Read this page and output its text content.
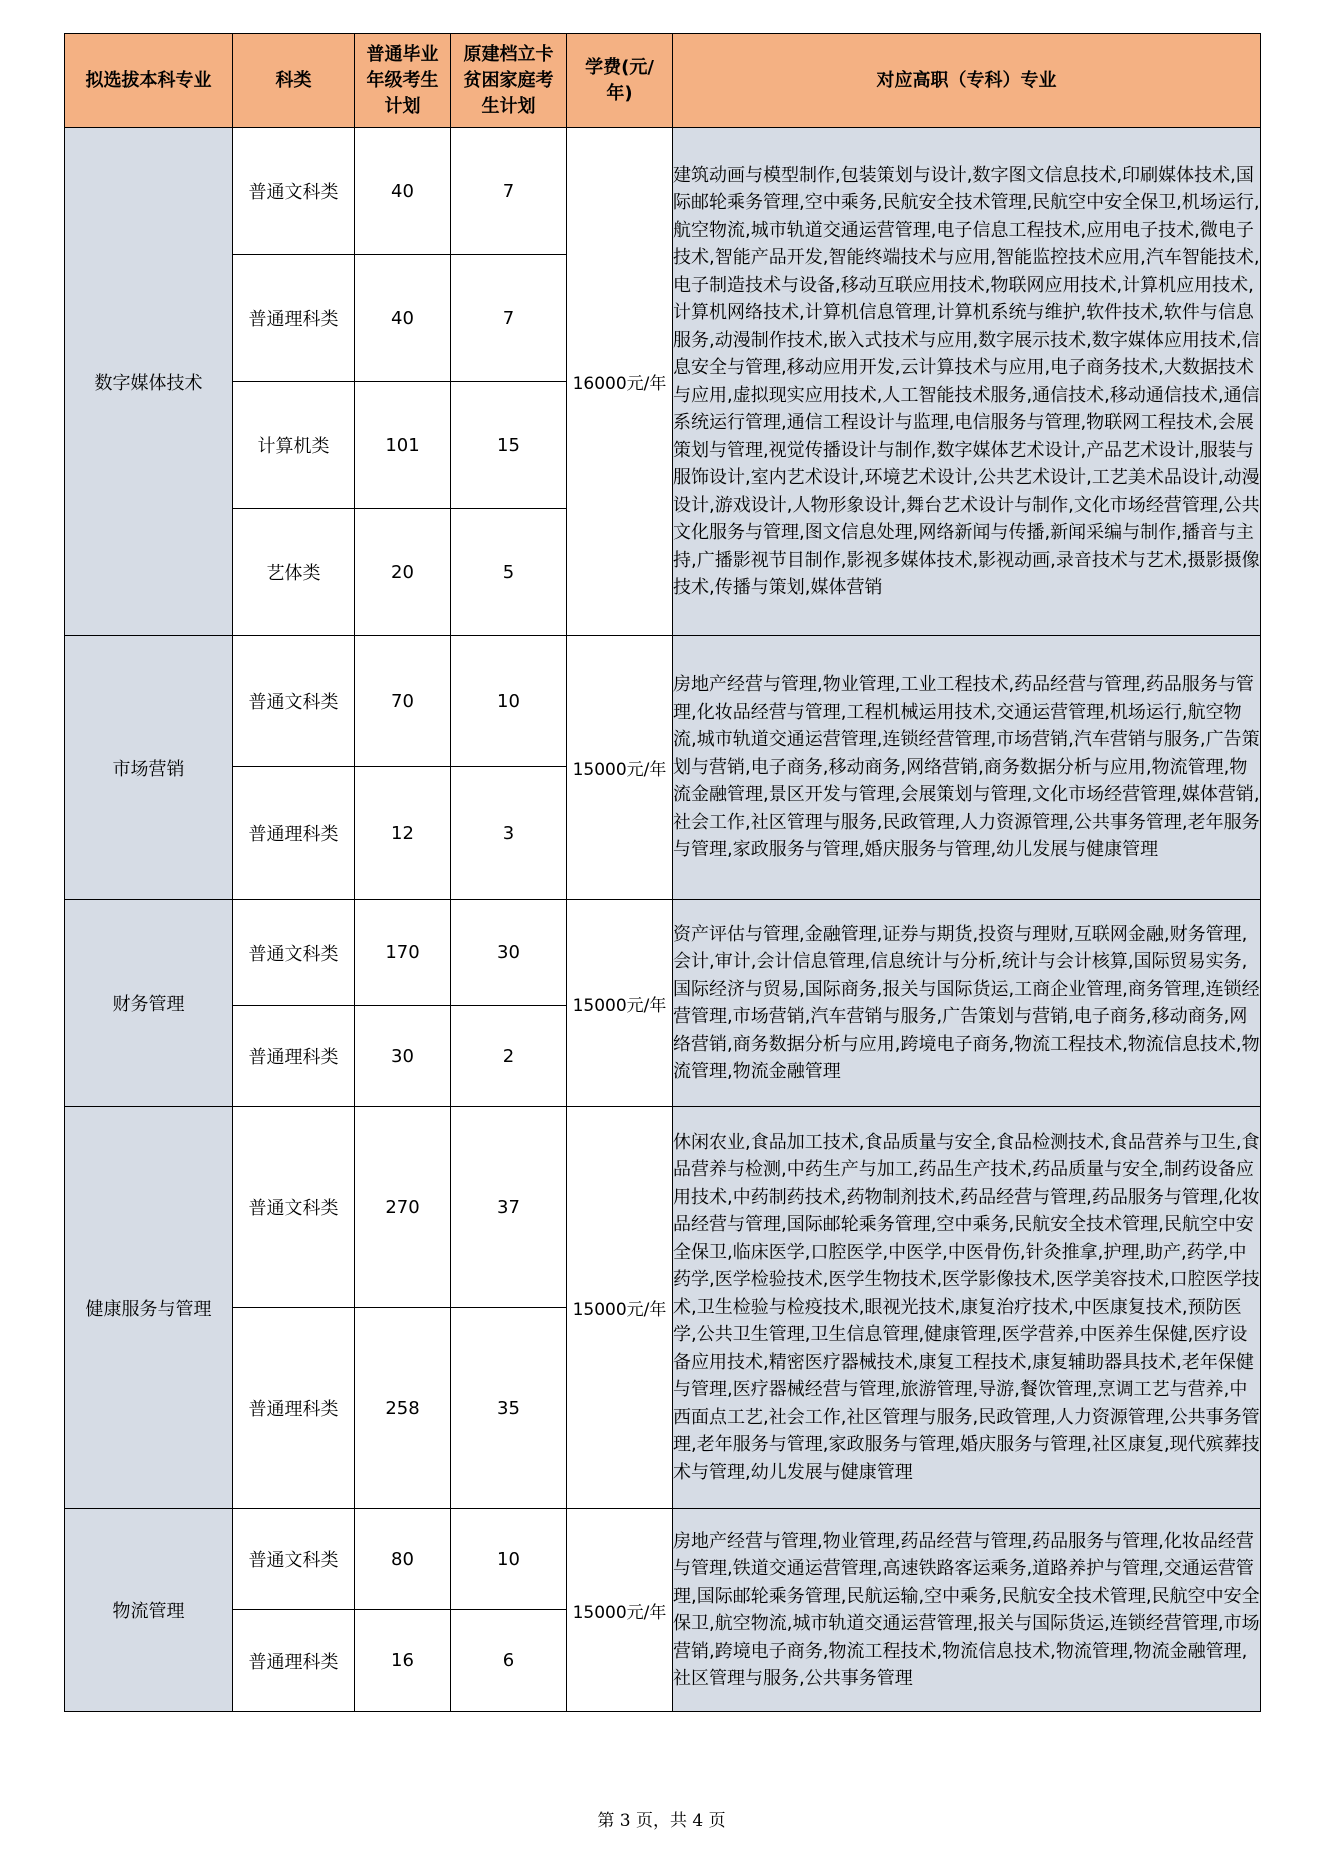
拟选拔本科专业	科类	普通毕业年级考生计划	原建档立卡贫困家庭考生计划	学费(元/年)	对应高职（专科）专业
数字媒体技术	普通文科类	40	7	16000元/年	建筑动画与模型制作,包装策划与设计,数字图文信息技术,印刷媒体技术,国际邮轮乘务管理,空中乘务,民航安全技术管理,民航空中安全保卫,机场运行,航空物流,城市轨道交通运营管理,电子信息工程技术,应用电子技术,微电子技术,智能产品开发,智能终端技术与应用,智能监控技术应用,汽车智能技术,电子制造技术与设备,移动互联应用技术,物联网应用技术,计算机应用技术,计算机网络技术,计算机信息管理,计算机系统与维护,软件技术,软件与信息服务,动漫制作技术,嵌入式技术与应用,数字展示技术,数字媒体应用技术,信息安全与管理,移动应用开发,云计算技术与应用,电子商务技术,大数据技术与应用,虚拟现实应用技术,人工智能技术服务,通信技术,移动通信技术,通信系统运行管理,通信工程设计与监理,电信服务与管理,物联网工程技术,会展策划与管理,视觉传播设计与制作,数字媒体艺术设计,产品艺术设计,服装与服饰设计,室内艺术设计,环境艺术设计,公共艺术设计,工艺美术品设计,动漫设计,游戏设计,人物形象设计,舞台艺术设计与制作,文化市场经营管理,公共文化服务与管理,图文信息处理,网络新闻与传播,新闻采编与制作,播音与主持,广播影视节目制作,影视多媒体技术,影视动画,录音技术与艺术,摄影摄像技术,传播与策划,媒体营销
	普通理科类	40	7		
	计算机类	101	15		
	艺体类	20	5		
市场营销	普通文科类	70	10	15000元/年	房地产经营与管理,物业管理,工业工程技术,药品经营与管理,药品服务与管理,化妆品经营与管理,工程机械运用技术,交通运营管理,机场运行,航空物流,城市轨道交通运营管理,连锁经营管理,市场营销,汽车营销与服务,广告策划与营销,电子商务,移动商务,网络营销,商务数据分析与应用,物流管理,物流金融管理,景区开发与管理,会展策划与管理,文化市场经营管理,媒体营销,社会工作,社区管理与服务,民政管理,人力资源管理,公共事务管理,老年服务与管理,家政服务与管理,婚庆服务与管理,幼儿发展与健康管理
	普通理科类	12	3		
财务管理	普通文科类	170	30	15000元/年	资产评估与管理,金融管理,证券与期货,投资与理财,互联网金融,财务管理,会计,审计,会计信息管理,信息统计与分析,统计与会计核算,国际贸易实务,国际经济与贸易,国际商务,报关与国际货运,工商企业管理,商务管理,连锁经营管理,市场营销,汽车营销与服务,广告策划与营销,电子商务,移动商务,网络营销,商务数据分析与应用,跨境电子商务,物流工程技术,物流信息技术,物流管理,物流金融管理
	普通理科类	30	2		
健康服务与管理	普通文科类	270	37	15000元/年	休闲农业,食品加工技术,食品质量与安全,食品检测技术,食品营养与卫生,食品营养与检测,中药生产与加工,药品生产技术,药品质量与安全,制药设备应用技术,中药制药技术,药物制剂技术,药品经营与管理,药品服务与管理,化妆品经营与管理,国际邮轮乘务管理,空中乘务,民航安全技术管理,民航空中安全保卫,临床医学,口腔医学,中医学,中医骨伤,针灸推拿,护理,助产,药学,中药学,医学检验技术,医学生物技术,医学影像技术,医学美容技术,口腔医学技术,卫生检验与检疫技术,眼视光技术,康复治疗技术,中医康复技术,预防医学,公共卫生管理,卫生信息管理,健康管理,医学营养,中医养生保健,医疗设备应用技术,精密医疗器械技术,康复工程技术,康复辅助器具技术,老年保健与管理,医疗器械经营与管理,旅游管理,导游,餐饮管理,烹调工艺与营养,中西面点工艺,社会工作,社区管理与服务,民政管理,人力资源管理,公共事务管理,老年服务与管理,家政服务与管理,婚庆服务与管理,社区康复,现代殡葬技术与管理,幼儿发展与健康管理
	普通理科类	258	35		
物流管理	普通文科类	80	10	15000元/年	房地产经营与管理,物业管理,药品经营与管理,药品服务与管理,化妆品经营与管理,铁道交通运营管理,高速铁路客运乘务,道路养护与管理,交通运营管理,国际邮轮乘务管理,民航运输,空中乘务,民航安全技术管理,民航空中安全保卫,航空物流,城市轨道交通运营管理,报关与国际货运,连锁经营管理,市场营销,跨境电子商务,物流工程技术,物流信息技术,物流管理,物流金融管理,社区管理与服务,公共事务管理
	普通理科类	16	6		
第 3 页，共 4 页
